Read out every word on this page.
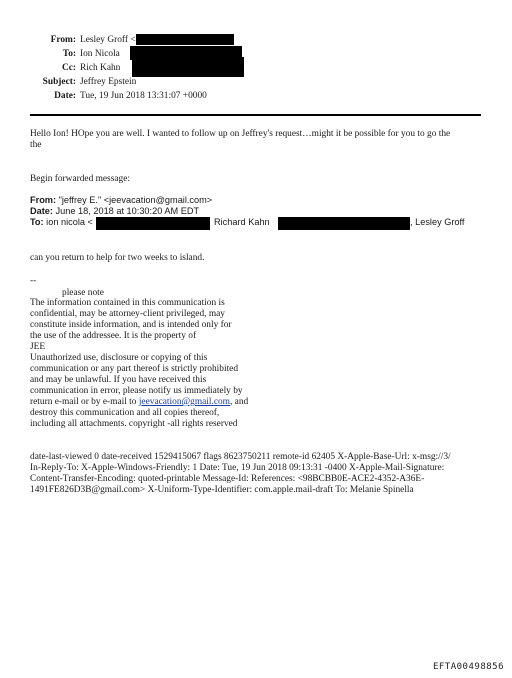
From: Lesley Groff <
To: Ion Nicola
Cc: Rich Kahn
Subject: Jeffrey Epstein
Date: Tue, 19 Jun 2018 13:31:07 +0000
Hello Ion! HOpe you are well. I wanted to follow up on Jeffrey's request…might it be possible for you to go the
the
Begin forwarded message:
From: "jeffrey E." <jeevacation@gmail.com>
Date: June 18, 2018 at 10:30:20 AM EDT
To: ion nicola <	Richard Kahn	, Lesley Groff
can you return to help for two weeks to island.
--
please note
The information contained in this communication is
confidential, may be attorney-client privileged, may
constitute inside information, and is intended only for
the use of the addressee. It is the property of
JEE
Unauthorized use, disclosure or copying of this
communication or any part thereof is strictly prohibited
and may be unlawful. If you have received this
communication in error, please notify us immediately by
return e-mail or by e-mail to jeevacation@gmail.com, and
destroy this communication and all copies thereof,
including all attachments. copyright -all rights reserved
date-last-viewed 0 date-received 1529415067 flags 8623750211 remote-id 62405 X-Apple-Base-Url: x-msg://3/
In-Reply-To: X-Apple-Windows-Friendly: 1 Date: Tue, 19 Jun 2018 09:13:31 -0400 X-Apple-Mail-Signature:
Content-Transfer-Encoding: quoted-printable Message-Id: References: <98BCBB0E-ACE2-4352-A36E-
1491FE826D3B@gmail.com> X-Uniform-Type-Identifier: com.apple.mail-draft To: Melanie Spinella
EFTA00498856
